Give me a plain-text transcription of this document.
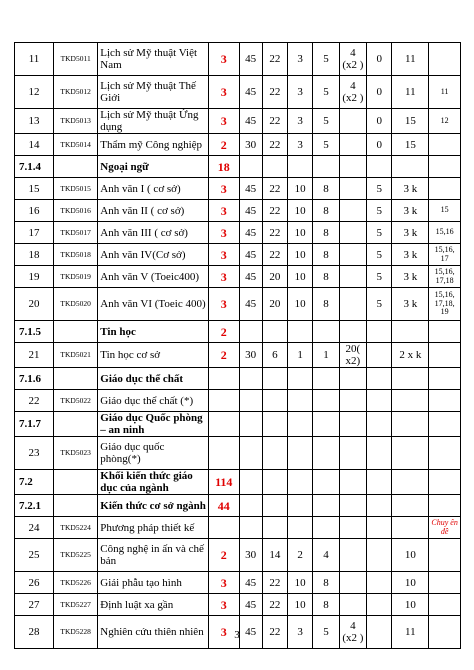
11	TKD5011	Lịch sử Mỹ thuật Việt Nam	3	45	22	3	5	4 (x2 )	0	11	
12	TKD5012	Lịch sử Mỹ thuật Thế Giới	3	45	22	3	5	4 (x2 )	0	11	11
13	TKD5013	Lịch sử Mỹ thuật Ứng dụng	3	45	22	3	5		0	15	12
14	TKD5014	Thẩm mỹ Công nghiệp	2	30	22	3	5		0	15	
7.1.4		Ngoại ngữ	18								
15	TKD5015	Anh văn I ( cơ sở)	3	45	22	10	8		5	3 k	
16	TKD5016	Anh văn II ( cơ sở)	3	45	22	10	8		5	3 k	15
17	TKD5017	Anh văn III ( cơ sở)	3	45	22	10	8		5	3 k	15,16
18	TKD5018	Anh văn IV(Cơ sở)	3	45	22	10	8		5	3 k	15,16, 17
19	TKD5019	Anh văn V (Toeic400)	3	45	20	10	8		5	3 k	15,16, 17,18
20	TKD5020	Anh văn VI (Toeic 400)	3	45	20	10	8		5	3 k	15,16, 17,18, 19
7.1.5		Tin học	2								
21	TKD5021	Tin học cơ sở	2	30	6	1	1	20( x2)		2 x k	
7.1.6		Giáo dục thể chất									
22	TKD5022	Giáo dục thể chất (*)									
7.1.7		Giáo dục Quốc phòng – an ninh									
23	TKD5023	Giáo dục quốc phòng(*)									
7.2		Khối kiến thức giáo dục của ngành	114								
7.2.1		Kiến thức cơ sở ngành	44								
24	TKD5224	Phương pháp thiết kế									Chuy ên đề
25	TKD5225	Công nghệ in ấn và chế bản	2	30	14	2	4			10	
26	TKD5226	Giải phẫu tạo hình	3	45	22	10	8			10	
27	TKD5227	Định luật xa gần	3	45	22	10	8			10	
28	TKD5228	Nghiên cứu thiên nhiên	3	45	22	3	5	4 (x2 )		11	
3
